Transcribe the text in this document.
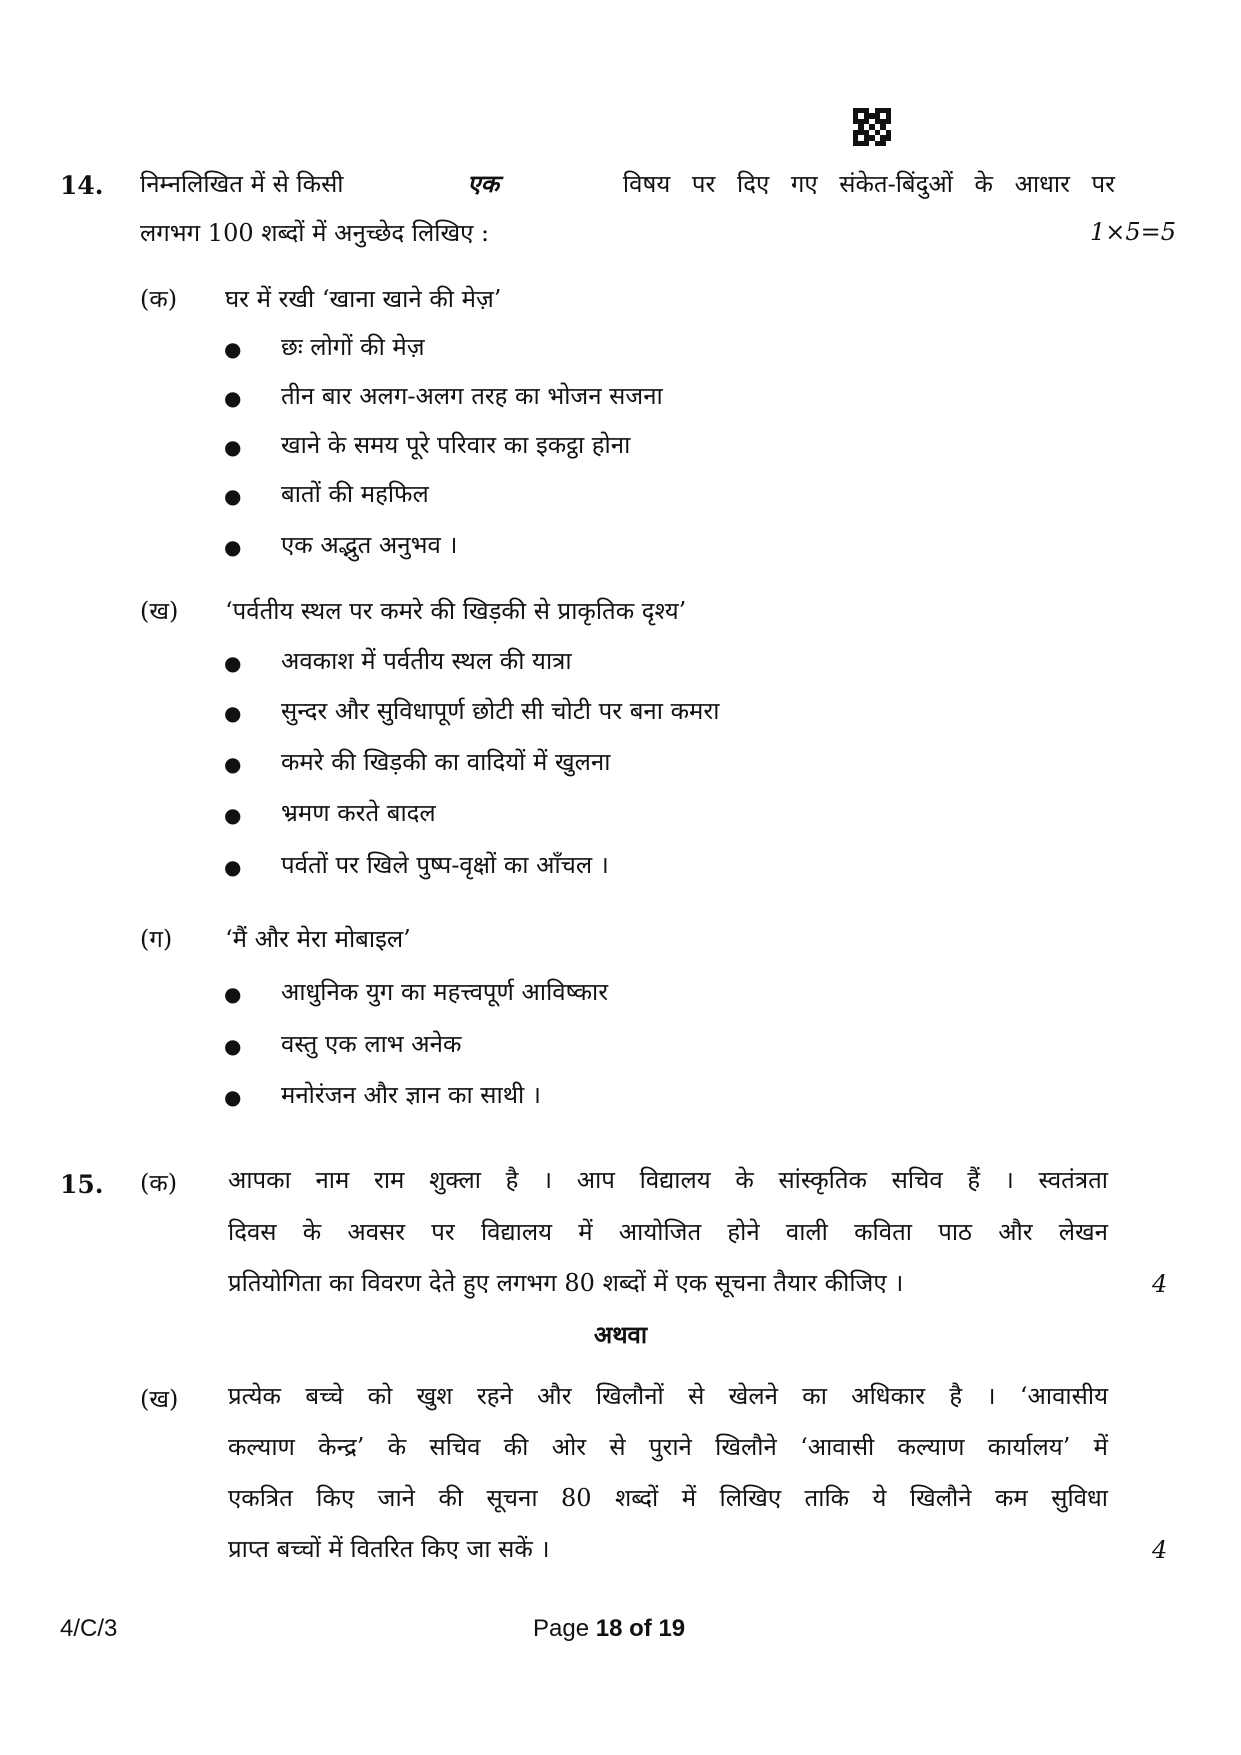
14. निम्नलिखित में से किसी	एक	विषय पर दिए गए संकेत-बिंदुओं के आधार पर
लगभग 100 शब्दों में अनुच्छेद लिखिए :	1×5=5
(क) घर में रखी ‘खाना खाने की मेज़’
● छः लोगों की मेज़
● तीन बार अलग-अलग तरह का भोजन सजना
● खाने के समय पूरे परिवार का इकट्ठा होना
● बातों की महफिल
● एक अद्भुत अनुभव ।
(ख) ‘पर्वतीय स्थल पर कमरे की खिड़की से प्राकृतिक दृश्य’
● अवकाश में पर्वतीय स्थल की यात्रा
● सुन्दर और सुविधापूर्ण छोटी सी चोटी पर बना कमरा
● कमरे की खिड़की का वादियों में खुलना
● भ्रमण करते बादल
● पर्वतों पर खिले पुष्प-वृक्षों का आँचल ।
(ग) ‘मैं और मेरा मोबाइल’
● आधुनिक युग का महत्त्वपूर्ण आविष्कार
● वस्तु एक लाभ अनेक
● मनोरंजन और ज्ञान का साथी ।
15. (क) आपका नाम राम शुक्ला है । आप विद्यालय के सांस्कृतिक सचिव हैं । स्वतंत्रता
दिवस के अवसर पर विद्यालय में आयोजित होने वाली कविता पाठ और लेखन
प्रतियोगिता का विवरण देते हुए लगभग 80 शब्दों में एक सूचना तैयार कीजिए ।	4
अथवा
(ख) प्रत्येक बच्चे को खुश रहने और खिलौनों से खेलने का अधिकार है । ‘आवासीय
कल्याण केन्द्र’ के सचिव की ओर से पुराने खिलौने ‘आवासी कल्याण कार्यालय’ में
एकत्रित किए जाने की सूचना 80 शब्दों में लिखिए ताकि ये खिलौने कम सुविधा
प्राप्त बच्चों में वितरित किए जा सकें ।	4
4/C/3	Page 18 of 19
